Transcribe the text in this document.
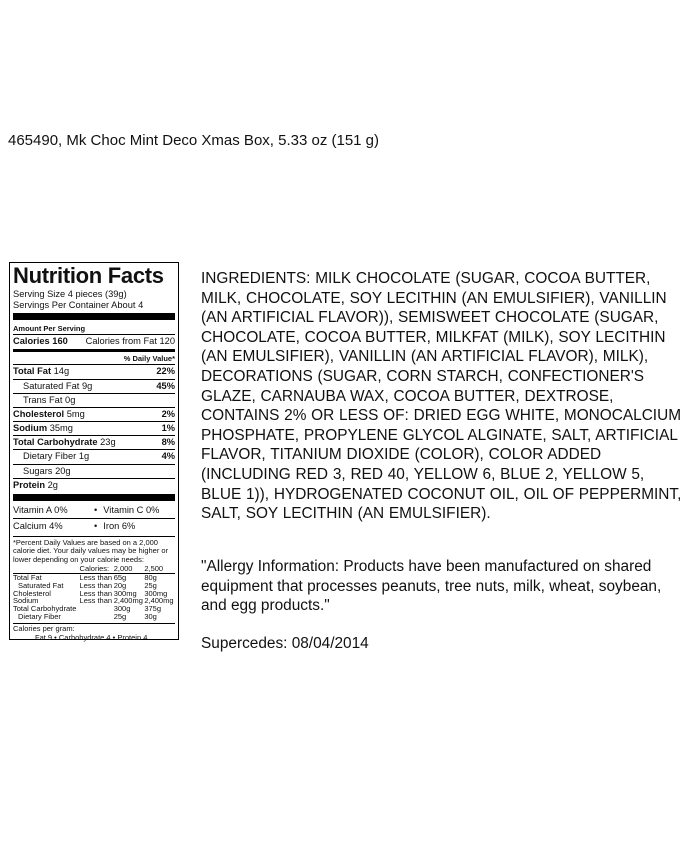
465490, Mk Choc Mint Deco Xmas Box, 5.33 oz (151 g)
Nutrition Facts
Serving Size 4 pieces (39g)
Servings Per Container About 4
Amount Per Serving
Calories 160 Calories from Fat 120
% Daily Value*
Total Fat 14g	22%
Saturated Fat 9g	45%
Trans Fat 0g
Cholesterol 5mg	2%
Sodium 35mg	1%
Total Carbohydrate 23g	8%
Dietary Fiber 1g	4%
Sugars 20g
Protein 2g
Vitamin A 0%	• Vitamin C 0%
Calcium 4%	• Iron 6%
*Percent Daily Values are based on a 2,000 calorie diet. Your daily values may be higher or lower depending on your calorie needs:
	Calories:	2,000	2,500
Total Fat	Less than	65g	80g
Saturated Fat	Less than	20g	25g
Cholesterol	Less than	300mg	300mg
Sodium	Less than	2,400mg	2,400mg
Total Carbohydrate		300g	375g
Dietary Fiber		25g	30g
Calories per gram:
Fat 9 • Carbohydrate 4 • Protein 4
INGREDIENTS: MILK CHOCOLATE (SUGAR, COCOA BUTTER, MILK, CHOCOLATE, SOY LECITHIN (AN EMULSIFIER), VANILLIN (AN ARTIFICIAL FLAVOR)), SEMISWEET CHOCOLATE (SUGAR, CHOCOLATE, COCOA BUTTER, MILKFAT (MILK), SOY LECITHIN (AN EMULSIFIER), VANILLIN (AN ARTIFICIAL FLAVOR), MILK), DECORATIONS (SUGAR, CORN STARCH, CONFECTIONER'S GLAZE, CARNAUBA WAX, COCOA BUTTER, DEXTROSE, CONTAINS 2% OR LESS OF: DRIED EGG WHITE, MONOCALCIUM PHOSPHATE, PROPYLENE GLYCOL ALGINATE, SALT, ARTIFICIAL FLAVOR, TITANIUM DIOXIDE (COLOR), COLOR ADDED (INCLUDING RED 3, RED 40, YELLOW 6, BLUE 2, YELLOW 5, BLUE 1)), HYDROGENATED COCONUT OIL, OIL OF PEPPERMINT, SALT, SOY LECITHIN (AN EMULSIFIER).
"Allergy Information: Products have been manufactured on shared equipment that processes peanuts, tree nuts, milk, wheat, soybean, and egg products."
Supercedes: 08/04/2014
